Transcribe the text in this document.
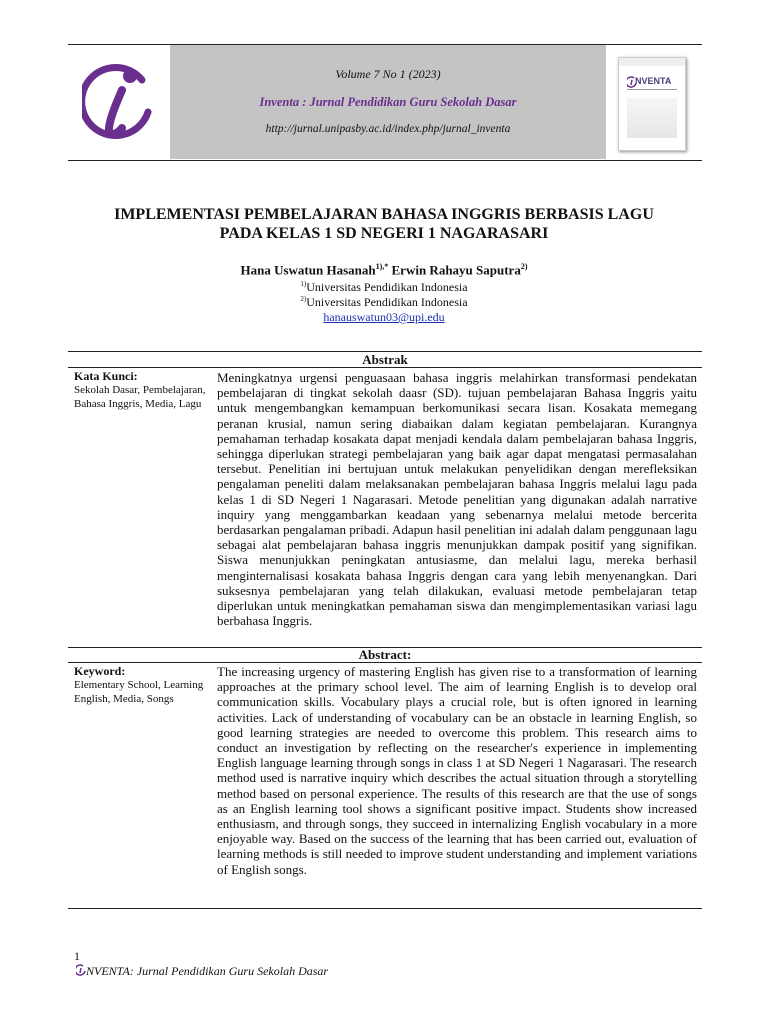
Volume 7 No 1 (2023)
Inventa : Jurnal Pendidikan Guru Sekolah Dasar
http://jurnal.unipasby.ac.id/index.php/jurnal_inventa
NVENTA
IMPLEMENTASI PEMBELAJARAN BAHASA INGGRIS BERBASIS LAGU
PADA KELAS 1 SD NEGERI 1 NAGARASARI
Hana Uswatun Hasanah$^{1),*}$ Erwin Rahayu Saputra$^{2)}$
$^{1)}$Universitas Pendidikan Indonesia
$^{2)}$Universitas Pendidikan Indonesia
hanauswatun03@upi.edu
Abstrak
Kata Kunci:
Sekolah Dasar, Pembelajaran, Bahasa Inggris, Media, Lagu
Meningkatnya urgensi penguasaan bahasa inggris melahirkan transformasi pendekatan pembelajaran di tingkat sekolah daasr (SD). tujuan pembelajaran Bahasa Inggris yaitu untuk mengembangkan kemampuan berkomunikasi secara lisan. Kosakata memegang peranan krusial, namun sering diabaikan dalam kegiatan pembelajaran. Kurangnya pemahaman terhadap kosakata dapat menjadi kendala dalam pembelajaran bahasa Inggris, sehingga diperlukan strategi pembelajaran yang baik agar dapat mengatasi permasalahan tersebut. Penelitian ini bertujuan untuk melakukan penyelidikan dengan merefleksikan pengalaman peneliti dalam melaksanakan pembelajaran bahasa Inggris melalui lagu pada kelas 1 di SD Negeri 1 Nagarasari. Metode penelitian yang digunakan adalah narrative inquiry yang menggambarkan keadaan yang sebenarnya melalui metode bercerita berdasarkan pengalaman pribadi. Adapun hasil penelitian ini adalah dalam penggunaan lagu sebagai alat pembelajaran bahasa inggris menunjukkan dampak positif yang signifikan. Siswa menunjukkan peningkatan antusiasme, dan melalui lagu, mereka berhasil menginternalisasi kosakata bahasa Inggris dengan cara yang lebih menyenangkan. Dari suksesnya pembelajaran yang telah dilakukan, evaluasi metode pembelajaran tetap diperlukan untuk meningkatkan pemahaman siswa dan mengimplementasikan variasi lagu berbahasa Inggris.
Abstract:
Keyword:
Elementary School, Learning English, Media, Songs
The increasing urgency of mastering English has given rise to a transformation of learning approaches at the primary school level. The aim of learning English is to develop oral communication skills. Vocabulary plays a crucial role, but is often ignored in learning activities. Lack of understanding of vocabulary can be an obstacle in learning English, so good learning strategies are needed to overcome this problem. This research aims to conduct an investigation by reflecting on the researcher's experience in implementing English language learning through songs in class 1 at SD Negeri 1 Nagarasari. The research method used is narrative inquiry which describes the actual situation through a storytelling method based on personal experience. The results of this research are that the use of songs as an English learning tool shows a significant positive impact. Students show increased enthusiasm, and through songs, they succeed in internalizing English vocabulary in a more enjoyable way. Based on the success of the learning that has been carried out, evaluation of learning methods is still needed to improve student understanding and implement variations of English songs.
1
NVENTA: Jurnal Pendidikan Guru Sekolah Dasar
